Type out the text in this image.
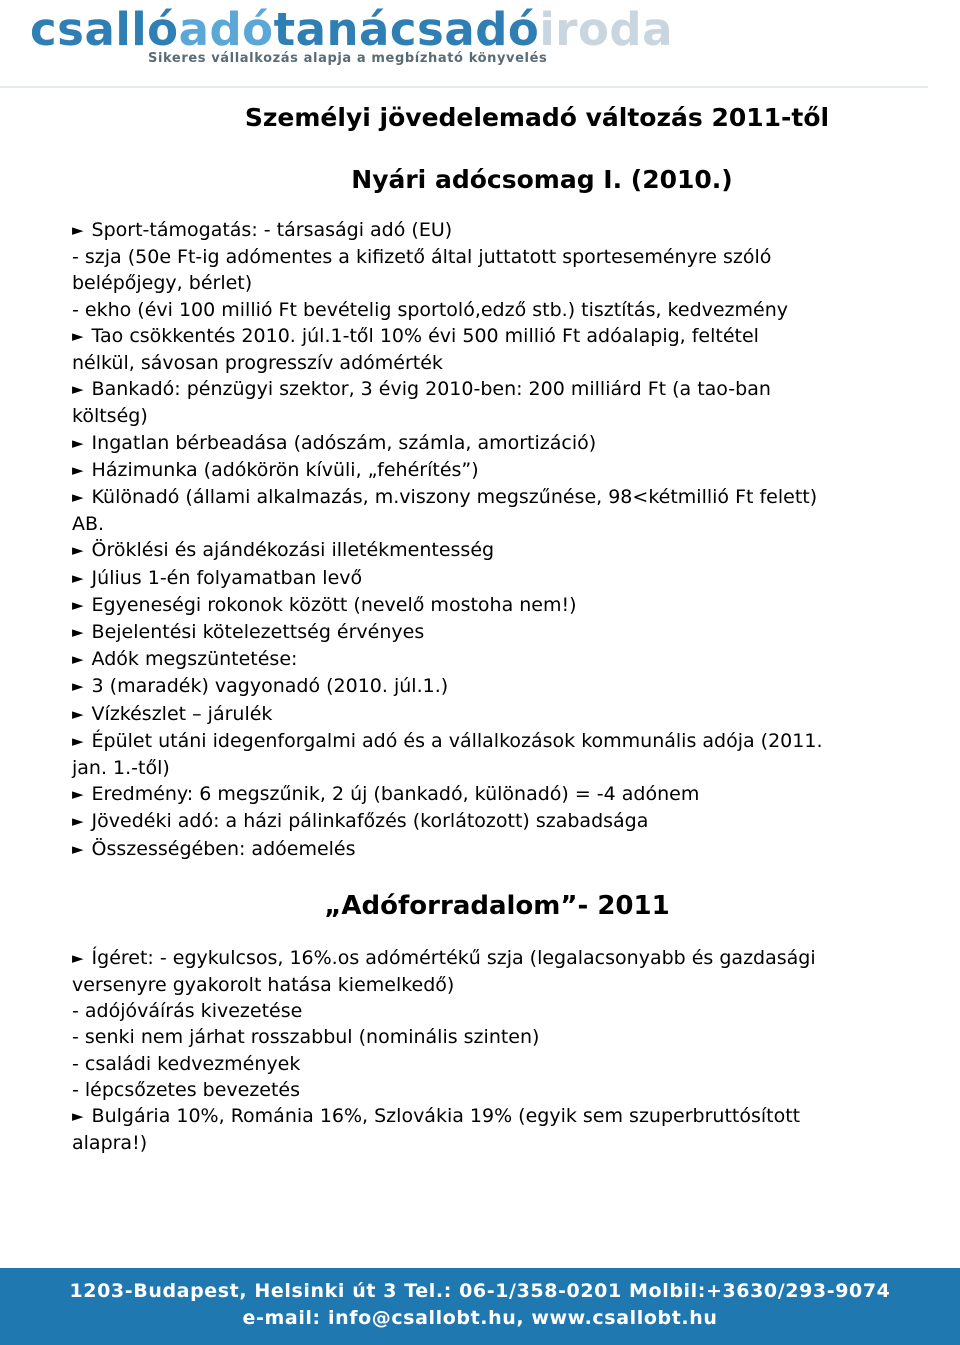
csallóadótanácsadóiroda
Sikeres vállalkozás alapja a megbízható könyvelés
Személyi jövedelemadó változás 2011-től
Nyári adócsomag I. (2010.)
► Sport-támogatás: - társasági adó (EU)
- szja (50e Ft-ig adómentes a kifizető által juttatott sporteseményre szóló
belépőjegy, bérlet)
- ekho (évi 100 millió Ft bevételig sportoló,edző stb.) tisztítás, kedvezmény
► Tao csökkentés 2010. júl.1-től 10% évi 500 millió Ft adóalapig, feltétel
nélkül, sávosan progresszív adómérték
► Bankadó: pénzügyi szektor, 3 évig 2010-ben: 200 milliárd Ft (a tao-ban
költség)
► Ingatlan bérbeadása (adószám, számla, amortizáció)
► Házimunka (adókörön kívüli, „fehérítés”)
► Különadó (állami alkalmazás, m.viszony megszűnése, 98<kétmillió Ft felett)
AB.
► Öröklési és ajándékozási illetékmentesség
► Július 1-én folyamatban levő
► Egyeneségi rokonok között (nevelő mostoha nem!)
► Bejelentési kötelezettség érvényes
► Adók megszüntetése:
► 3 (maradék) vagyonadó (2010. júl.1.)
► Vízkészlet – járulék
► Épület utáni idegenforgalmi adó és a vállalkozások kommunális adója (2011.
jan. 1.-től)
► Eredmény: 6 megszűnik, 2 új (bankadó, különadó) = -4 adónem
► Jövedéki adó: a házi pálinkafőzés (korlátozott) szabadsága
► Összességében: adóemelés
„Adóforradalom”- 2011
► Ígéret: - egykulcsos, 16%.os adómértékű szja (legalacsonyabb és gazdasági
versenyre gyakorolt hatása kiemelkedő)
- adójóváírás kivezetése
- senki nem járhat rosszabbul (nominális szinten)
- családi kedvezmények
- lépcsőzetes bevezetés
► Bulgária 10%, Románia 16%, Szlovákia 19% (egyik sem szuperbruttósított
alapra!)
1203-Budapest, Helsinki út 3 Tel.: 06-1/358-0201 Molbil:+3630/293-9074
e-mail: info@csallobt.hu, www.csallobt.hu
